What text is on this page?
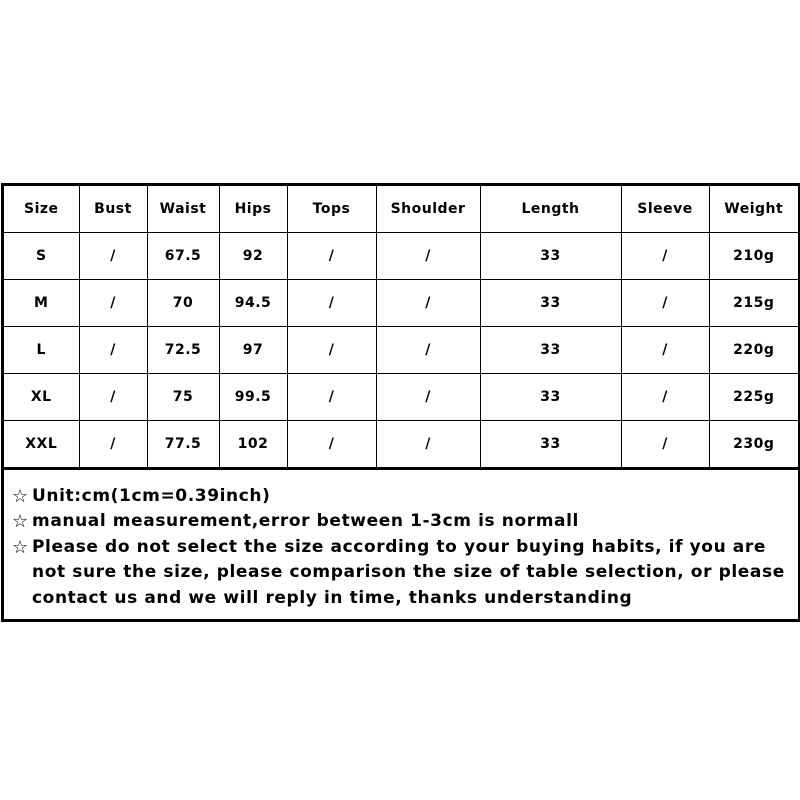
Size	Bust	Waist	Hips	Tops	Shoulder	Length	Sleeve	Weight
S	/	67.5	92	/	/	33	/	210g
M	/	70	94.5	/	/	33	/	215g
L	/	72.5	97	/	/	33	/	220g
XL	/	75	99.5	/	/	33	/	225g
XXL	/	77.5	102	/	/	33	/	230g
☆ Unit:cm(1cm=0.39inch)
☆ manual measurement,error between 1-3cm is normall
☆ Please do not select the size according to your buying habits, if you are
not sure the size, please comparison the size of table selection, or please
contact us and we will reply in time, thanks understanding
